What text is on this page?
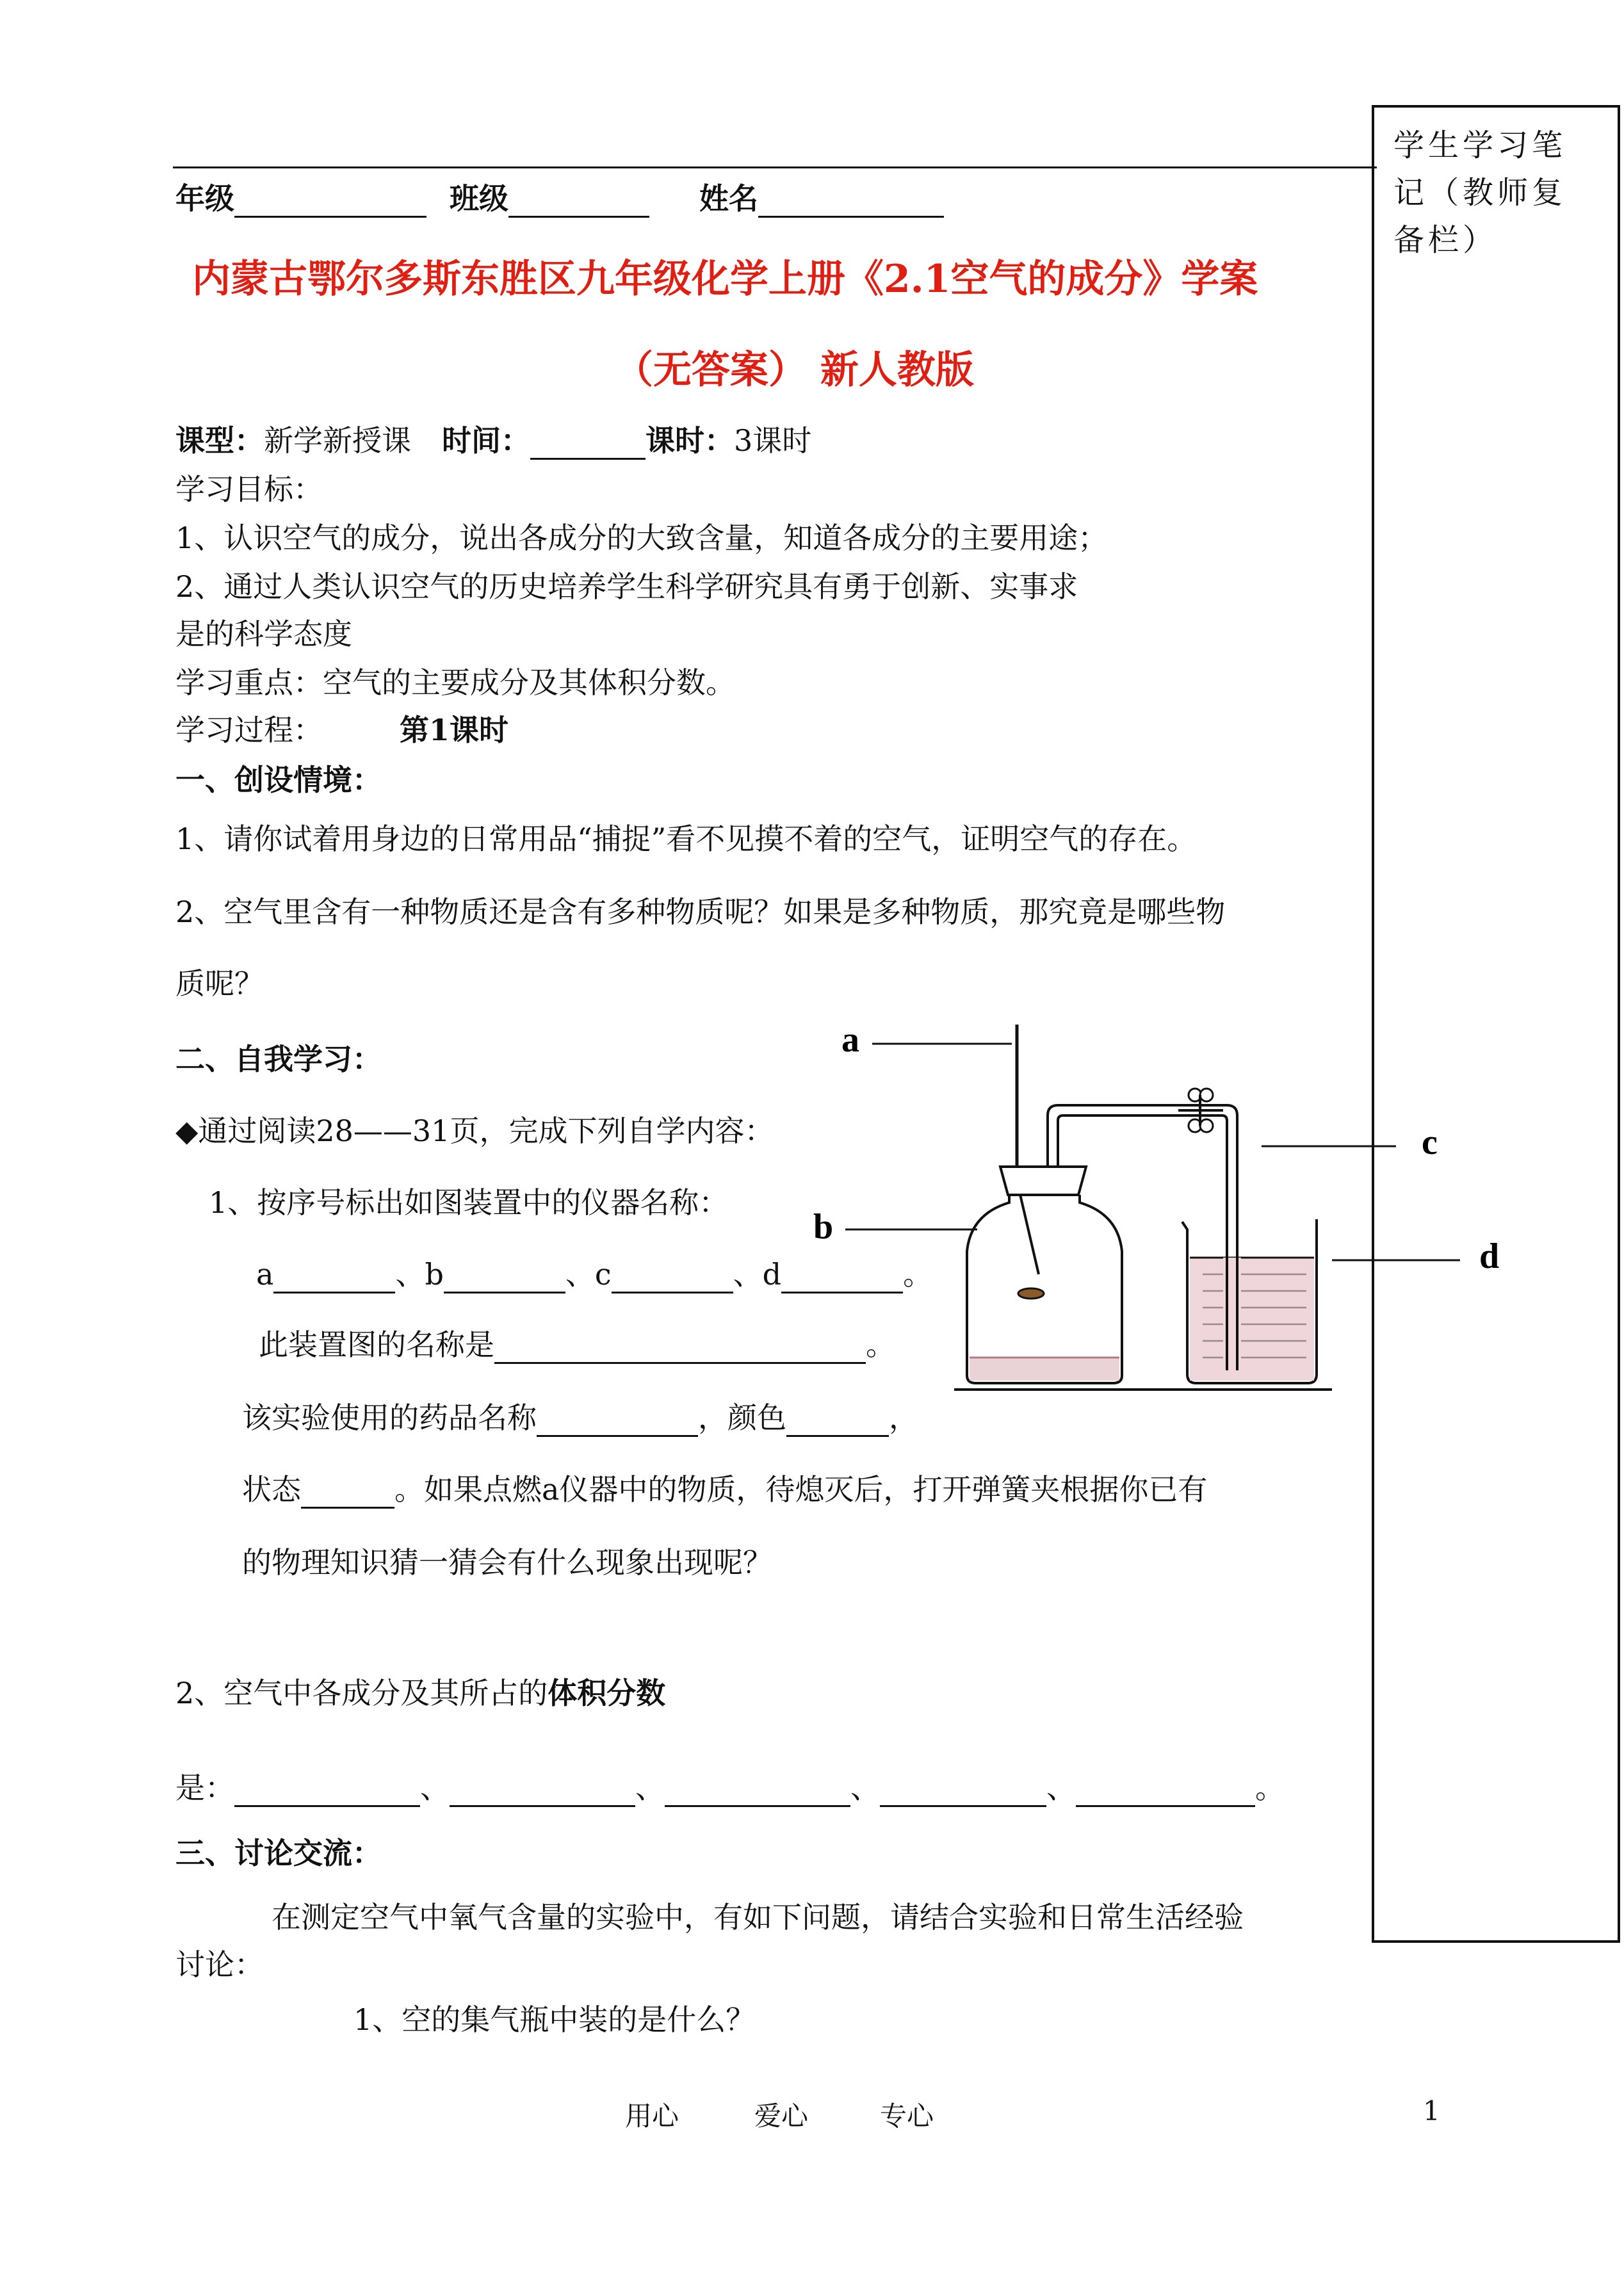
学生学习笔记（教师复备栏）
年级	班级	姓名
内蒙古鄂尔多斯东胜区九年级化学上册《2.1空气的成分》学案
（无答案） 新人教版
课型：新学新授课 时间：	课时：3课时
学习目标：
1、认识空气的成分，说出各成分的大致含量，知道各成分的主要用途；
2、通过人类认识空气的历史培养学生科学研究具有勇于创新、实事求
是的科学态度
学习重点：空气的主要成分及其体积分数。
学习过程：	第1课时
一、创设情境：
1、请你试着用身边的日常用品“捕捉”看不见摸不着的空气，证明空气的存在。
2、空气里含有一种物质还是含有多种物质呢？如果是多种物质，那究竟是哪些物
质呢？
二、自我学习：
◆通过阅读28——31页，完成下列自学内容：
1、按序号标出如图装置中的仪器名称：
a	、b	、c	、d	。
此装置图的名称是	。
该实验使用的药品名称	，颜色	，
状态	。如果点燃a仪器中的物质，待熄灭后，打开弹簧夹根据你已有
的物理知识猜一猜会有什么现象出现呢？
2、空气中各成分及其所占的体积分数
是：	、	、	、	、	。
三、讨论交流：
在测定空气中氧气含量的实验中，有如下问题，请结合实验和日常生活经验
讨论：
1、空的集气瓶中装的是什么？
a
b
c
d
用心	爱心	专心	1
